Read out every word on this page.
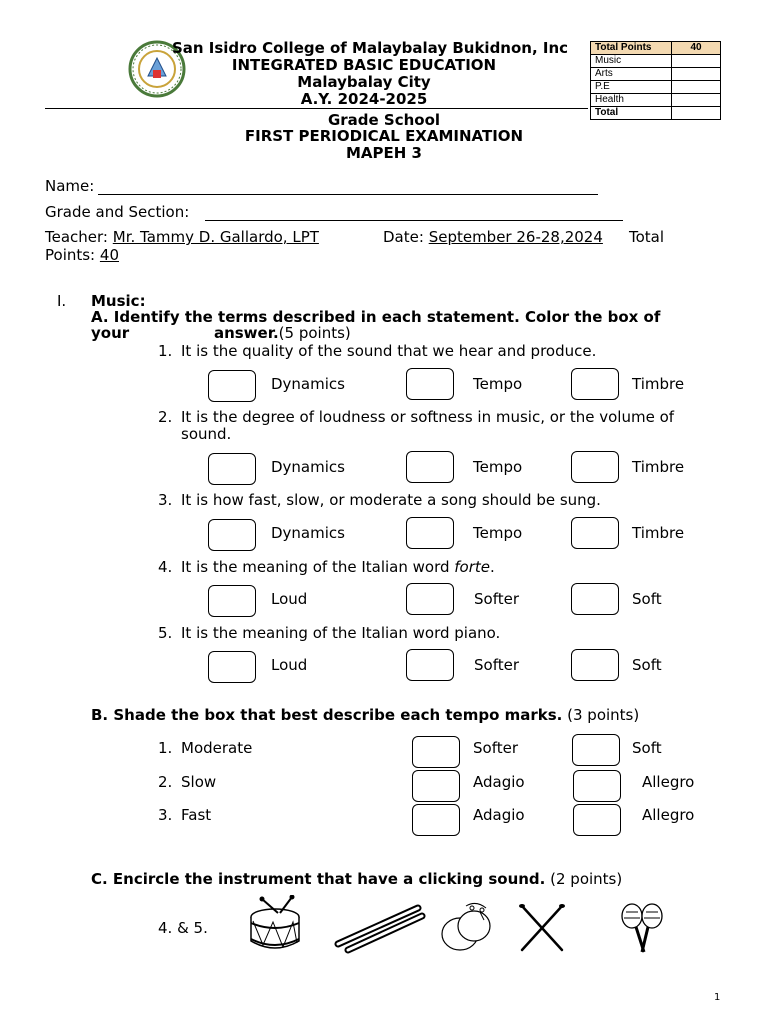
San Isidro College of Malaybalay Bukidnon, Inc
INTEGRATED BASIC EDUCATION
Malaybalay City
A.Y. 2024-2025
Grade School
FIRST PERIODICAL EXAMINATION
MAPEH 3
Total Points	40
Music	
Arts	
P.E	
Health	
Total	
Name:
Grade and Section:
Teacher: Mr. Tammy D. Gallardo, LPT	Date: September 26-28,2024 Total
Points: 40
I. Music:
A. Identify the terms described in each statement. Color the box of
your	answer.(5 points)
1. It is the quality of the sound that we hear and produce.
Dynamics	Tempo	Timbre
2. It is the degree of loudness or softness in music, or the volume of
sound.
Dynamics	Tempo	Timbre
3. It is how fast, slow, or moderate a song should be sung.
Dynamics	Tempo	Timbre
4. It is the meaning of the Italian word forte.
Loud	Softer	Soft
5. It is the meaning of the Italian word piano.
Loud	Softer	Soft
B. Shade the box that best describe each tempo marks. (3 points)
1. Moderate	Softer	Soft
2. Slow	Adagio	Allegro
3. Fast	Adagio	Allegro
C. Encircle the instrument that have a clicking sound. (2 points)
4. & 5.
1
